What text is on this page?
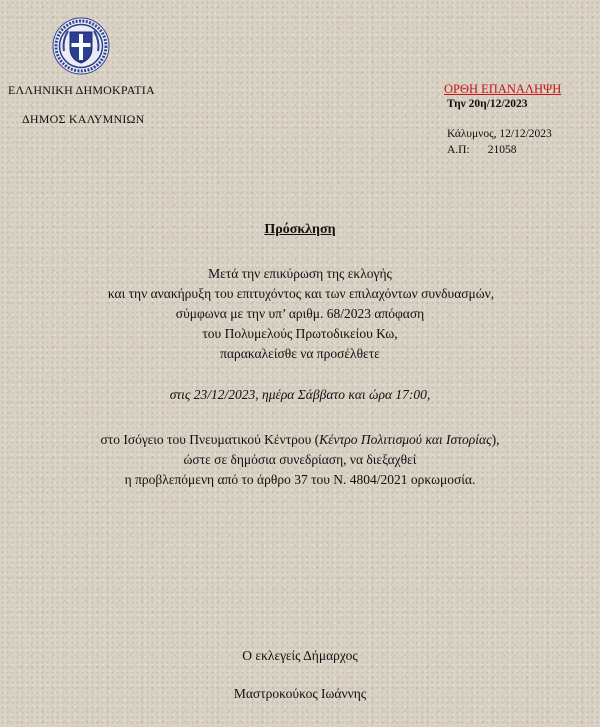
ΕΛΛΗΝΙΚΗ ΔΗΜΟΚΡΑΤΙΑ
ΔΗΜΟΣ ΚΑΛΥΜΝΙΩΝ
ΟΡΘΗ ΕΠΑΝΑΛΗΨΗ
Την 20η/12/2023
Κάλυμνος, 12/12/2023
Α.Π: 21058
Πρόσκληση
Μετά την επικύρωση της εκλογής
και την ανακήρυξη του επιτυχόντος και των επιλαχόντων συνδυασμών,
σύμφωνα με την υπ’ αριθμ. 68/2023 απόφαση
του Πολυμελούς Πρωτοδικείου Κω,
παρακαλείσθε να προσέλθετε
στις 23/12/2023, ημέρα Σάββατο και ώρα 17:00,
στο Ισόγειο του Πνευματικού Κέντρου (Κέντρο Πολιτισμού και Ιστορίας),
ώστε σε δημόσια συνεδρίαση, να διεξαχθεί
η προβλεπόμενη από το άρθρο 37 του Ν. 4804/2021 ορκωμοσία.
Ο εκλεγείς Δήμαρχος
Μαστροκούκος Ιωάννης
